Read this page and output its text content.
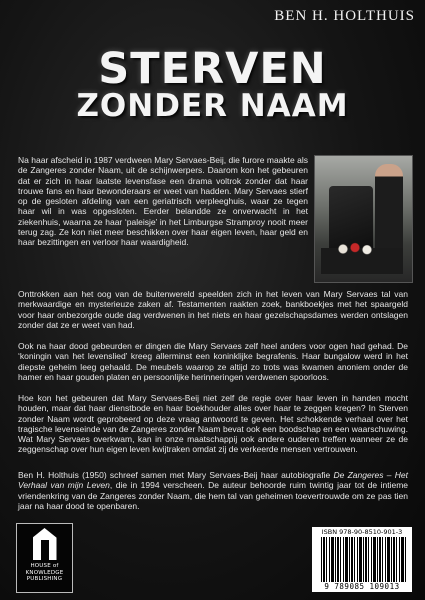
BEN H. HOLTHUIS
STERVEN
ZONDER NAAM
Na haar afscheid in 1987 verdween Mary Servaes-Beij, die furore maakte als de Zangeres zonder Naam, uit de schijnwerpers. Daarom kon het gebeuren dat er zich in haar laatste levensfase een drama voltrok zonder dat haar trouwe fans en haar bewonderaars er weet van hadden. Mary Servaes stierf op de gesloten afdeling van een geriatrisch verpleeghuis, waar ze tegen haar wil in was opgesloten. Eerder belandde ze onverwacht in het ziekenhuis, waarna ze haar ‘paleisje’ in het Limburgse Stramproy nooit meer terug zag. Ze kon niet meer beschikken over haar eigen leven, haar geld en haar bezittingen en verloor haar waardigheid.
Onttrokken aan het oog van de buitenwereld speelden zich in het leven van Mary Servaes tal van merkwaardige en mysterieuze zaken af. Testamenten raakten zoek, bankboekjes met het spaargeld voor haar onbezorgde oude dag verdwenen in het niets en haar gezelschapsdames werden ontslagen zonder dat ze er weet van had.
Ook na haar dood gebeurden er dingen die Mary Servaes zelf heel anders voor ogen had gehad. De ‘koningin van het levenslied’ kreeg allerminst een koninklijke begrafenis. Haar bungalow werd in het diepste geheim leeg gehaald. De meubels waarop ze altijd zo trots was kwamen anoniem onder de hamer en haar gouden platen en persoonlijke herinneringen verdwenen spoorloos.
Hoe kon het gebeuren dat Mary Servaes-Beij niet zelf de regie over haar leven in handen mocht houden, maar dat haar dienstbode en haar boekhouder alles over haar te zeggen kregen? In Sterven zonder Naam wordt geprobeerd op deze vraag antwoord te geven. Het schokkende verhaal over het tragische levenseinde van de Zangeres zonder Naam bevat ook een boodschap en een waarschuwing. Wat Mary Servaes overkwam, kan in onze maatschappij ook andere ouderen treffen wanneer ze de zeggenschap over hun eigen leven kwijtraken omdat zij de verkeerde mensen vertrouwen.
Ben H. Holthuis (1950) schreef samen met Mary Servaes-Beij haar autobiografie De Zangeres – Het Verhaal van mijn Leven, die in 1994 verscheen. De auteur behoorde ruim twintig jaar tot de intieme vriendenkring van de Zangeres zonder Naam, die hem tal van geheimen toevertrouwde om ze pas tien jaar na haar dood te openbaren.
HOUSE of
KNOWLEDGE
PUBLISHING
ISBN 978-90-8510-901-3
9 789085 109013
